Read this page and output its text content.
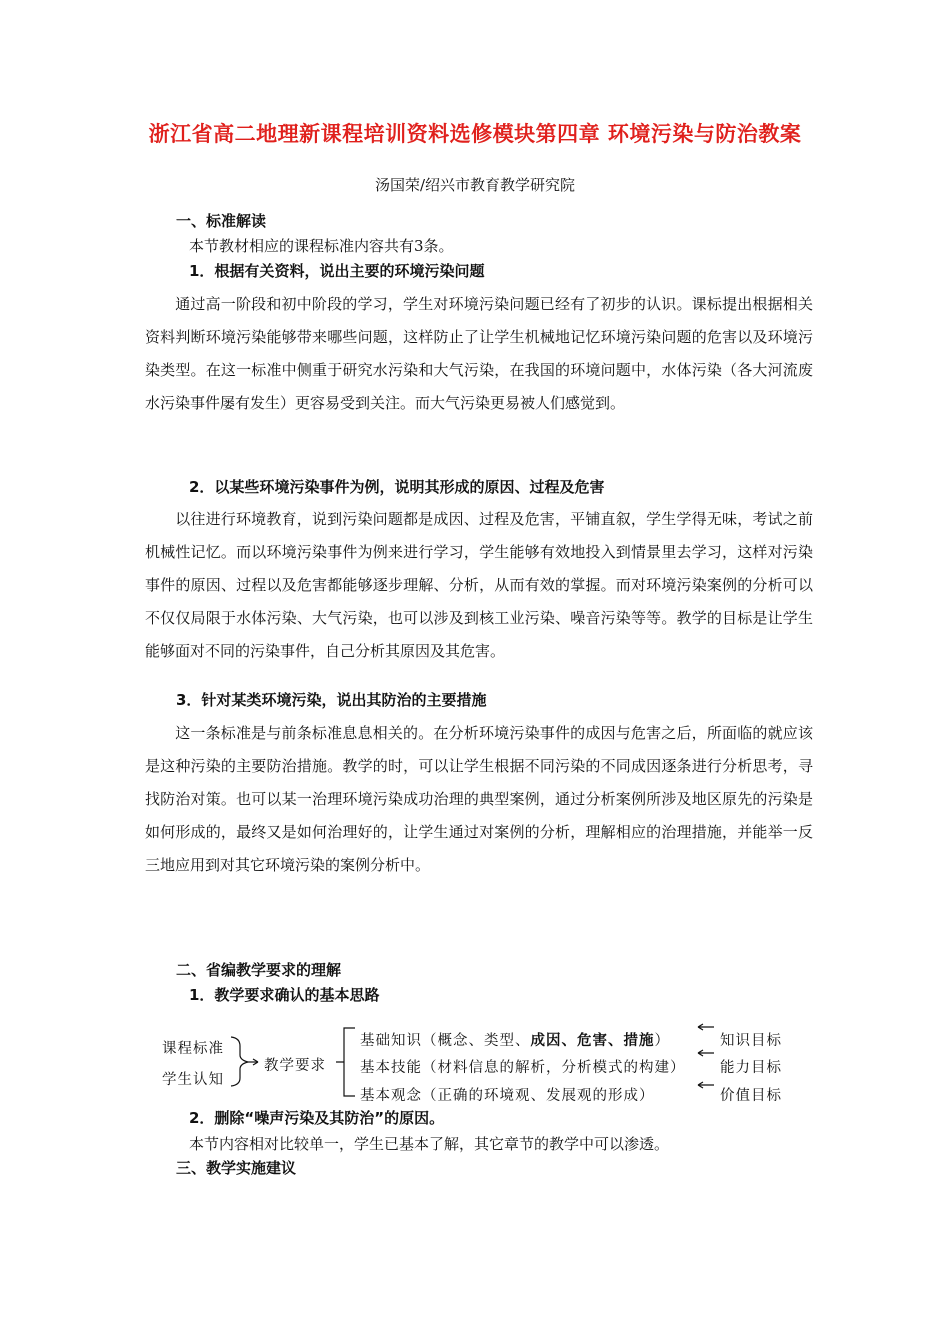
浙江省高二地理新课程培训资料选修模块第四章 环境污染与防治教案
汤国荣/绍兴市教育教学研究院
一、标准解读
本节教材相应的课程标准内容共有3条。
1．根据有关资料，说出主要的环境污染问题

通过高一阶段和初中阶段的学习，学生对环境污染问题已经有了初步的认识。课标提出根据相关资料判断环境污染能够带来哪些问题，这样防止了让学生机械地记忆环境污染问题的危害以及环境污染类型。在这一标准中侧重于研究水污染和大气污染，在我国的环境问题中，水体污染（各大河流废水污染事件屡有发生）更容易受到关注。而大气污染更易被人们感觉到。

2．以某些环境污染事件为例，说明其形成的原因、过程及危害

以往进行环境教育，说到污染问题都是成因、过程及危害，平铺直叙，学生学得无味，考试之前机械性记忆。而以环境污染事件为例来进行学习，学生能够有效地投入到情景里去学习，这样对污染事件的原因、过程以及危害都能够逐步理解、分析，从而有效的掌握。而对环境污染案例的分析可以不仅仅局限于水体污染、大气污染，也可以涉及到核工业污染、噪音污染等等。教学的目标是让学生能够面对不同的污染事件，自己分析其原因及其危害。

3．针对某类环境污染，说出其防治的主要措施

这一条标准是与前条标准息息相关的。在分析环境污染事件的成因与危害之后，所面临的就应该是这种污染的主要防治措施。教学的时，可以让学生根据不同污染的不同成因逐条进行分析思考，寻找防治对策。也可以某一治理环境污染成功治理的典型案例，通过分析案例所涉及地区原先的污染是如何形成的，最终又是如何治理好的，让学生通过对案例的分析，理解相应的治理措施，并能举一反三地应用到对其它环境污染的案例分析中。

二、省编教学要求的理解
1．教学要求确认的基本思路
课程标准
学生认知
教学要求
基础知识（概念、类型、成因、危害、措施）
基本技能（材料信息的解析，分析模式的构建）
基本观念（正确的环境观、发展观的形成）
知识目标
能力目标
价值目标
2．删除“噪声污染及其防治”的原因。
本节内容相对比较单一，学生已基本了解，其它章节的教学中可以渗透。
三、教学实施建议
